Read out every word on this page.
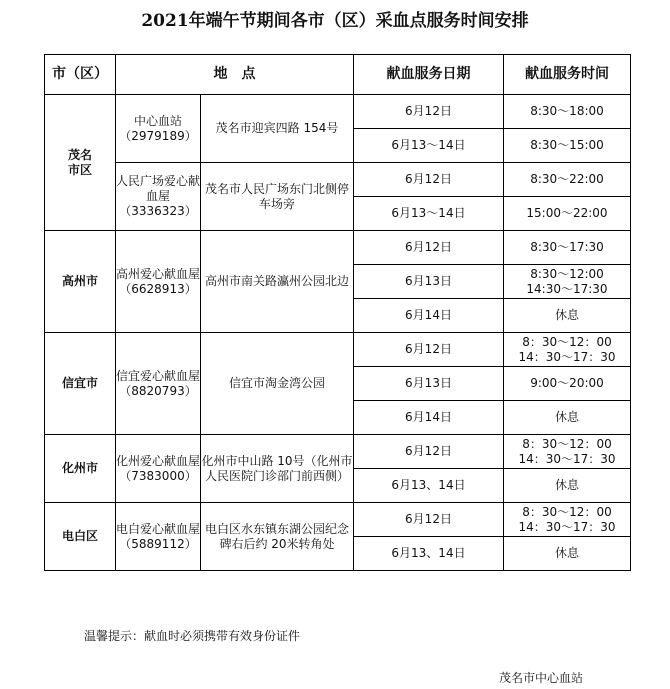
2021年端午节期间各市（区）采血点服务时间安排
市（区）	地　点		献血服务日期	献血服务时间
茂名
市区	中心血站
（2979189）	茂名市迎宾四路 154号	6月12日	8:30～18:00
			6月13～14日	8:30～15:00
	人民广场爱心献血屋
（3336323）	茂名市人民广场东门北侧停车场旁	6月12日	8:30～22:00
			6月13～14日	15:00～22:00
高州市	高州爱心献血屋
（6628913）	高州市南关路瀛州公园北边	6月12日	8:30～17:30
			6月13日	8:30～12:00
14:30～17:30
			6月14日	休息
信宜市	信宜爱心献血屋
（8820793）	信宜市淘金湾公园	6月12日	8：30～12：00
14：30～17：30
			6月13日	9:00～20:00
			6月14日	休息
化州市	化州爱心献血屋
（7383000）	化州市中山路 10号（化州市人民医院门诊部门前西侧）	6月12日	8：30～12：00
14：30～17：30
			6月13、14日	休息
电白区	电白爱心献血屋
（5889112）	电白区水东镇东湖公园纪念碑右后约 20米转角处	6月12日	8：30～12：00
14：30～17：30
			6月13、14日	休息
温馨提示：献血时必须携带有效身份证件
茂名市中心血站
